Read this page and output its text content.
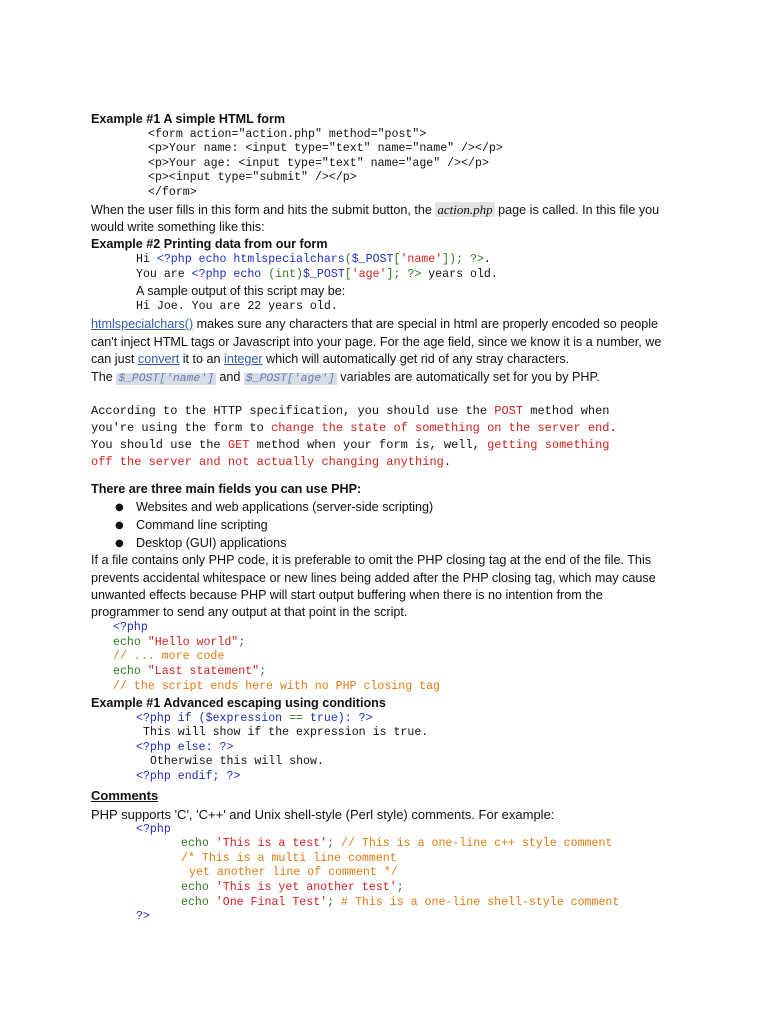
Example #1 A simple HTML form
<form action="action.php" method="post">
<p>Your name: <input type="text" name="name" /></p>
<p>Your age: <input type="text" name="age" /></p>
<p><input type="submit" /></p>
</form>
When the user fills in this form and hits the submit button, the action.php page is called. In this file you
would write something like this:
Example #2 Printing data from our form
Hi <?php echo htmlspecialchars($_POST['name']); ?>.
You are <?php echo (int)$_POST['age']; ?> years old.
A sample output of this script may be:
Hi Joe. You are 22 years old.
htmlspecialchars() makes sure any characters that are special in html are properly encoded so people
can't inject HTML tags or Javascript into your page. For the age field, since we know it is a number, we
can just convert it to an integer which will automatically get rid of any stray characters.
The $_POST['name'] and $_POST['age'] variables are automatically set for you by PHP.
According to the HTTP specification, you should use the POST method when
you're using the form to change the state of something on the server end.
You should use the GET method when your form is, well, getting something
off the server and not actually changing anything.
There are three main fields you can use PHP:
● Websites and web applications (server-side scripting)
● Command line scripting
● Desktop (GUI) applications
If a file contains only PHP code, it is preferable to omit the PHP closing tag at the end of the file. This
prevents accidental whitespace or new lines being added after the PHP closing tag, which may cause
unwanted effects because PHP will start output buffering when there is no intention from the
programmer to send any output at that point in the script.
<?php
echo "Hello world";
// ... more code
echo "Last statement";
// the script ends here with no PHP closing tag
Example #1 Advanced escaping using conditions
<?php if ($expression == true): ?>
This will show if the expression is true.
<?php else: ?>
Otherwise this will show.
<?php endif; ?>
Comments
PHP supports 'C', 'C++' and Unix shell-style (Perl style) comments. For example:
<?php
echo 'This is a test'; // This is a one-line c++ style comment
/* This is a multi line comment
yet another line of comment */
echo 'This is yet another test';
echo 'One Final Test'; # This is a one-line shell-style comment
?>
